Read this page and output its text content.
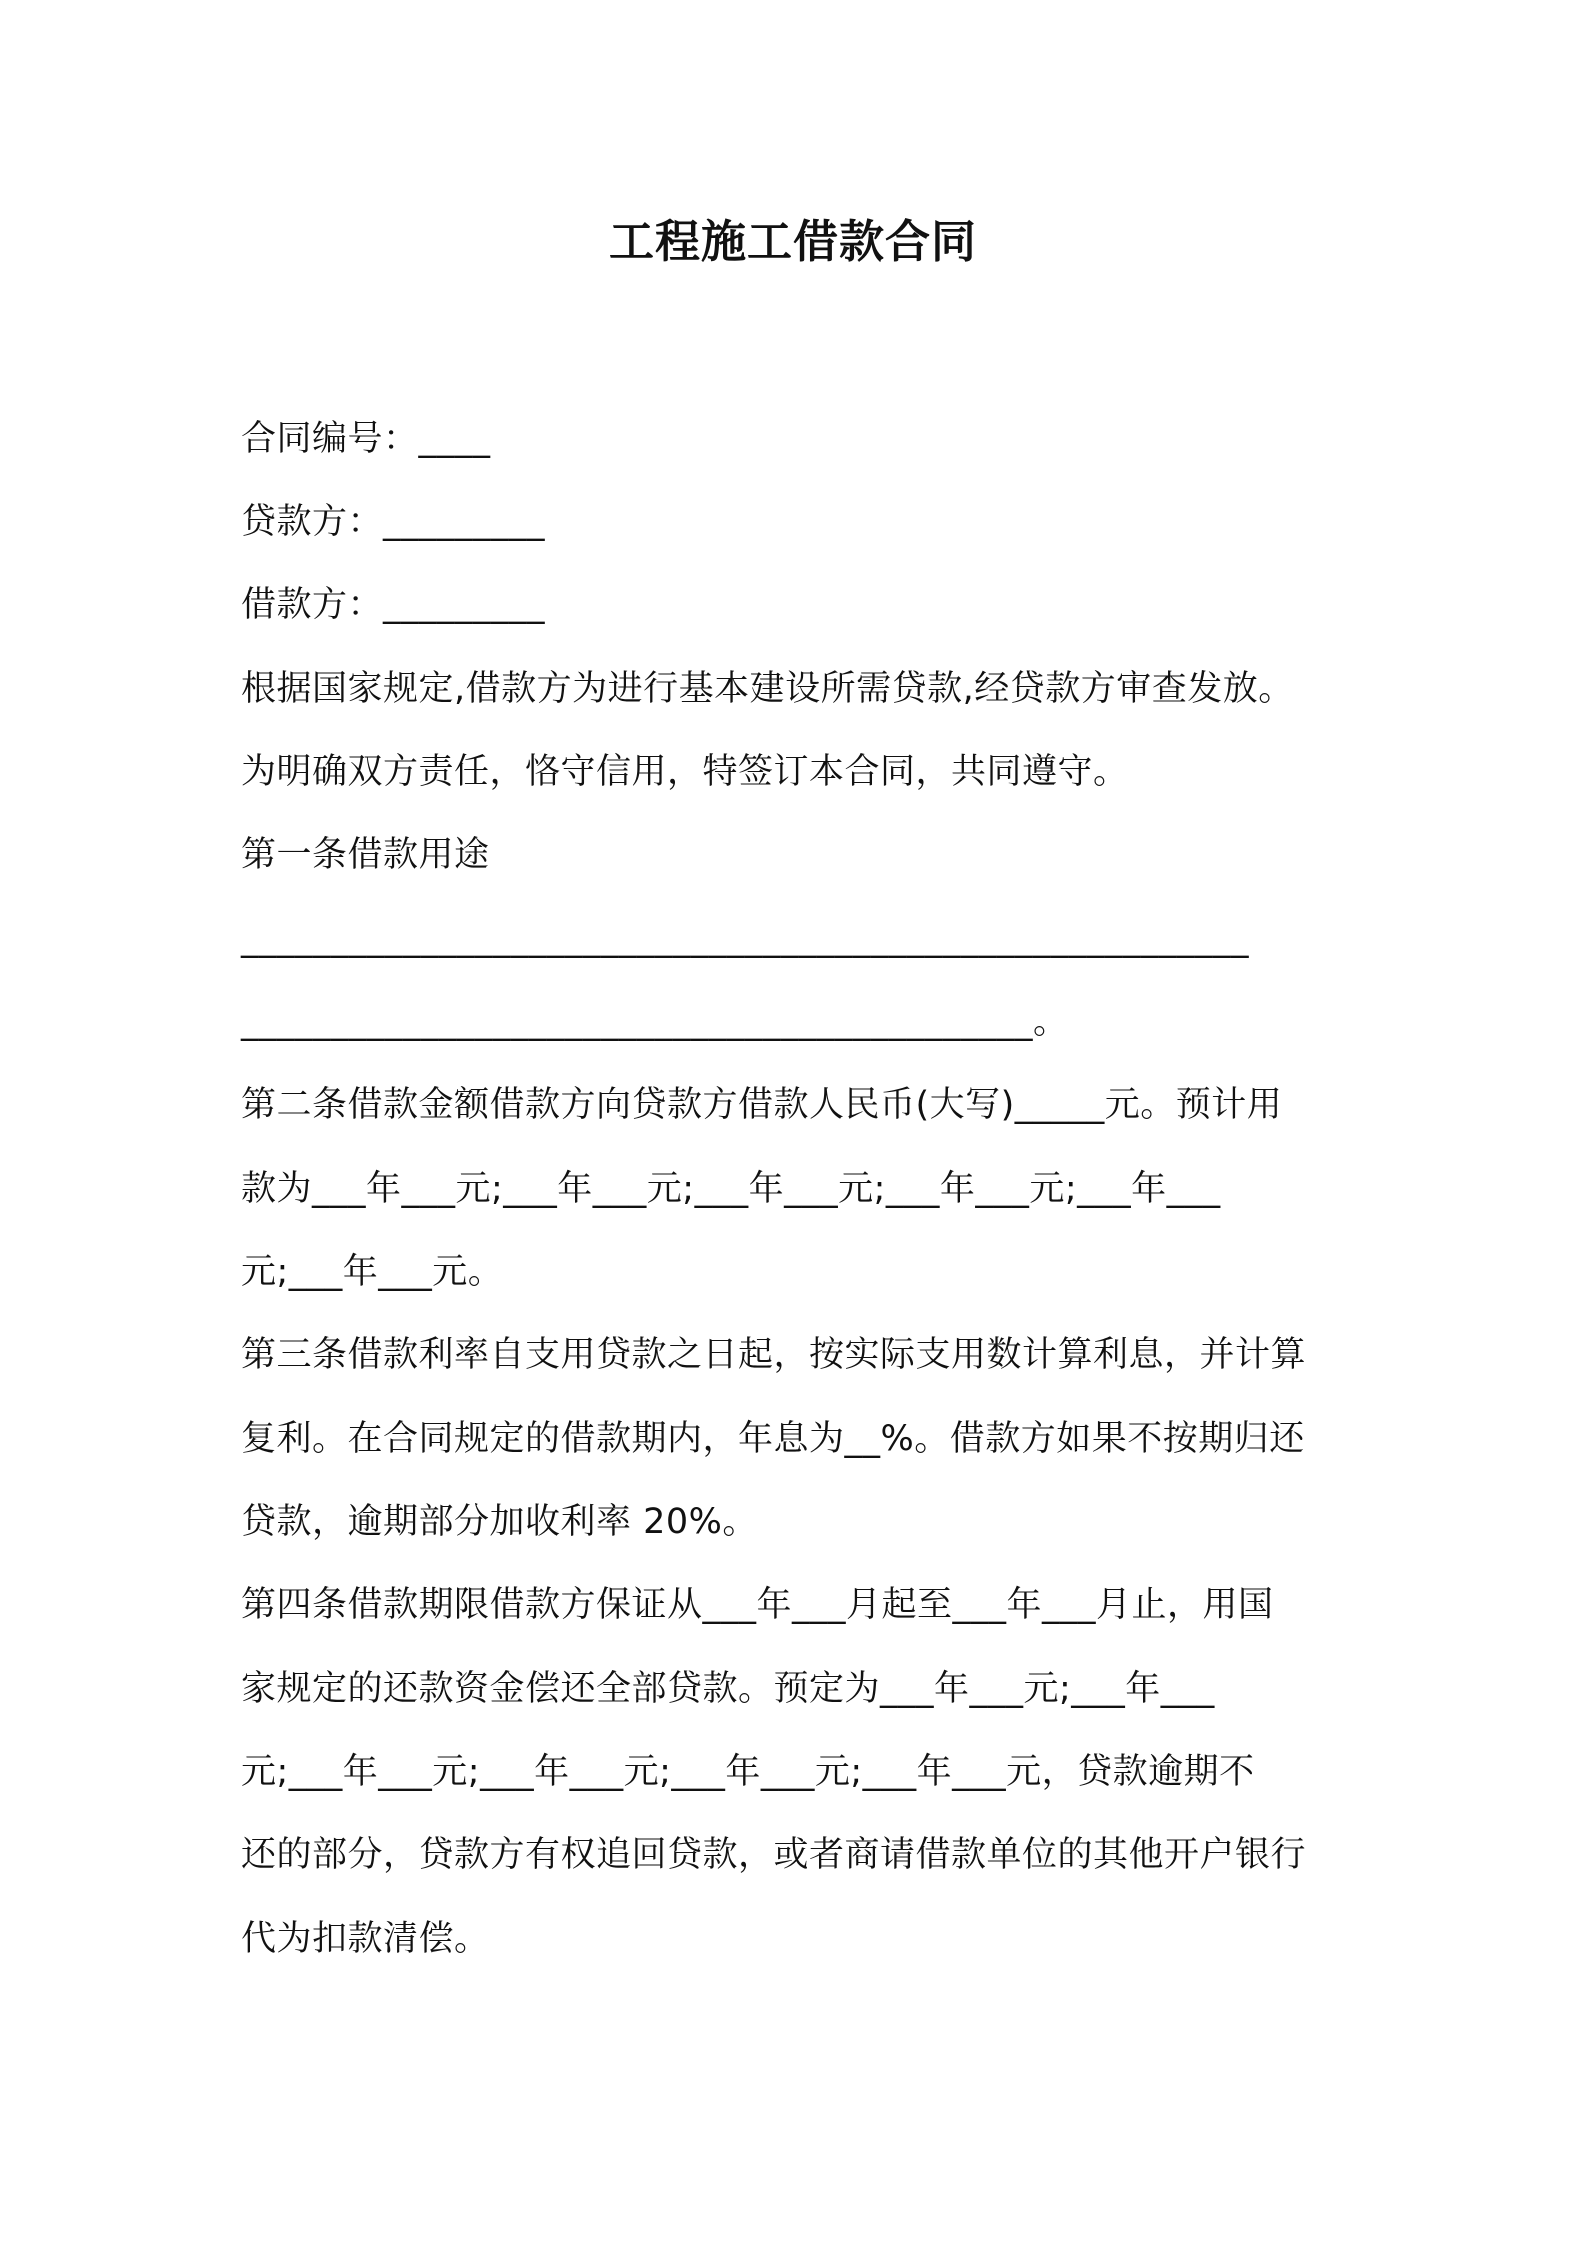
工程施工借款合同
合同编号：____
贷款方：_________
借款方：_________
根据国家规定,借款方为进行基本建设所需贷款,经贷款方审查发放。
为明确双方责任，恪守信用，特签订本合同，共同遵守。
第一条借款用途
________________________________________________________
____________________________________________。
第二条借款金额借款方向贷款方借款人民币(大写)_____元。预计用
款为___年___元;___年___元;___年___元;___年___元;___年___
元;___年___元。
第三条借款利率自支用贷款之日起，按实际支用数计算利息，并计算
复利。在合同规定的借款期内，年息为__%。借款方如果不按期归还
贷款，逾期部分加收利率 20%。
第四条借款期限借款方保证从___年___月起至___年___月止，用国
家规定的还款资金偿还全部贷款。预定为___年___元;___年___
元;___年___元;___年___元;___年___元;___年___元，贷款逾期不
还的部分，贷款方有权追回贷款，或者商请借款单位的其他开户银行
代为扣款清偿。
